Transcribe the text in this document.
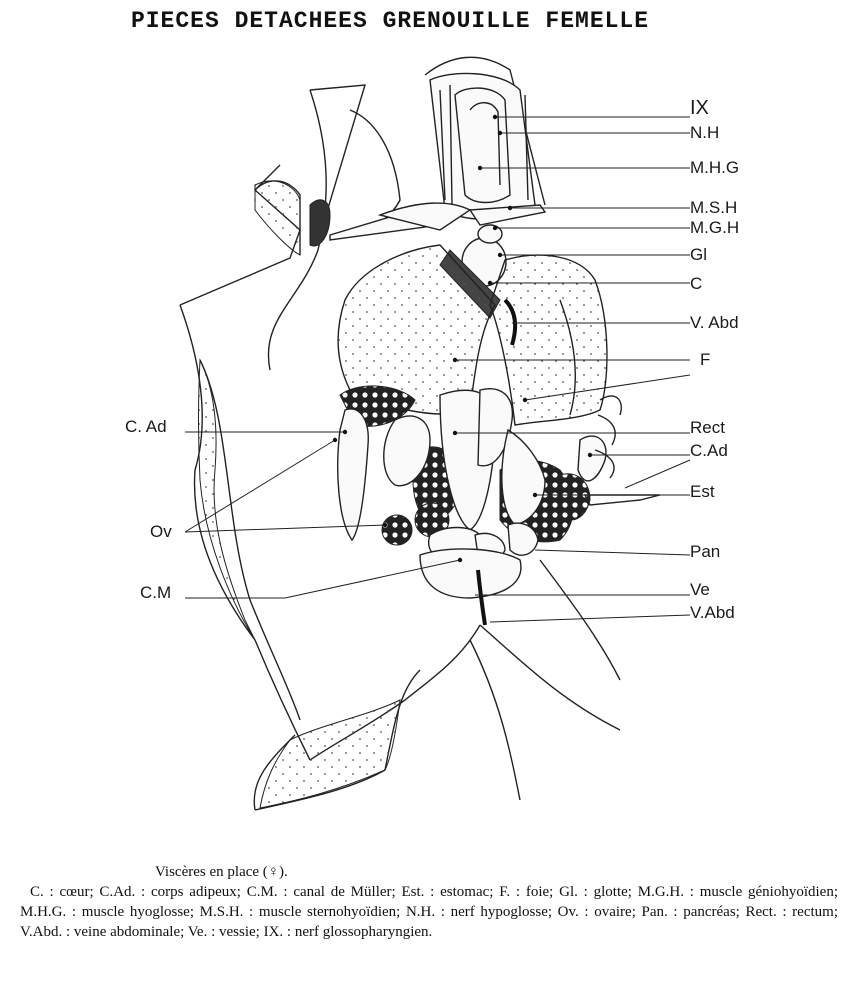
PIECES DETACHEES GRENOUILLE FEMELLE
IX
N.H
M.H.G
M.S.H
M.G.H
Gl
C
V. Abd
F
Rect
C.Ad
Est
Pan
Ve
V.Abd
C. Ad
Ov
C.M
Viscères en place (♀).
C. : cœur; C.Ad. : corps adipeux; C.M. : canal de Müller; Est. : estomac; F. : foie; Gl. : glotte; M.G.H. : muscle géniohyoïdien; M.H.G. : muscle hyoglosse; M.S.H. : muscle sternohyoïdien; N.H. : nerf hypoglosse; Ov. : ovaire; Pan. : pancréas; Rect. : rectum; V.Abd. : veine abdominale; Ve. : vessie; IX. : nerf glossopharyngien.
